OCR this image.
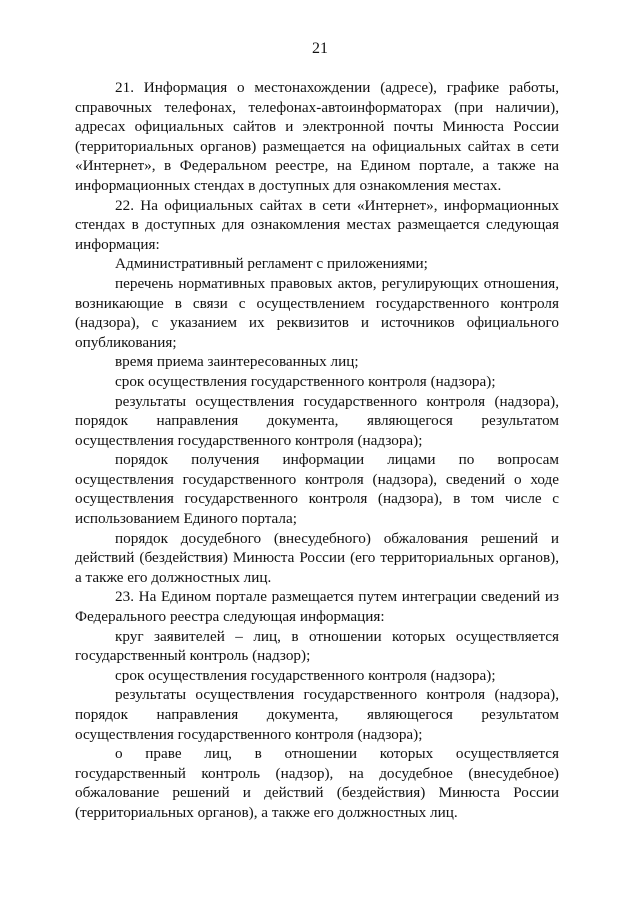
21

21. Информация о местонахождении (адресе), графике работы, справочных телефонах, телефонах-автоинформаторах (при наличии), адресах официальных сайтов и электронной почты Минюста России (территориальных органов) размещается на официальных сайтах в сети «Интернет», в Федеральном реестре, на Едином портале, а также на информационных стендах в доступных для ознакомления местах.

22. На официальных сайтах в сети «Интернет», информационных стендах в доступных для ознакомления местах размещается следующая информация:

Административный регламент с приложениями;

перечень нормативных правовых актов, регулирующих отношения, возникающие в связи с осуществлением государственного контроля (надзора), с указанием их реквизитов и источников официального опубликования;

время приема заинтересованных лиц;

срок осуществления государственного контроля (надзора);

результаты осуществления государственного контроля (надзора), порядок направления документа, являющегося результатом осуществления государственного контроля (надзора);

порядок получения информации лицами по вопросам осуществления государственного контроля (надзора), сведений о ходе осуществления государственного контроля (надзора), в том числе с использованием Единого портала;

порядок досудебного (внесудебного) обжалования решений и действий (бездействия) Минюста России (его территориальных органов), а также его должностных лиц.

23. На Едином портале размещается путем интеграции сведений из Федерального реестра следующая информация:

круг заявителей – лиц, в отношении которых осуществляется государственный контроль (надзор);

срок осуществления государственного контроля (надзора);

результаты осуществления государственного контроля (надзора), порядок направления документа, являющегося результатом осуществления государственного контроля (надзора);

о праве лиц, в отношении которых осуществляется государственный контроль (надзор), на досудебное (внесудебное) обжалование решений и действий (бездействия) Минюста России (территориальных органов), а также его должностных лиц.
